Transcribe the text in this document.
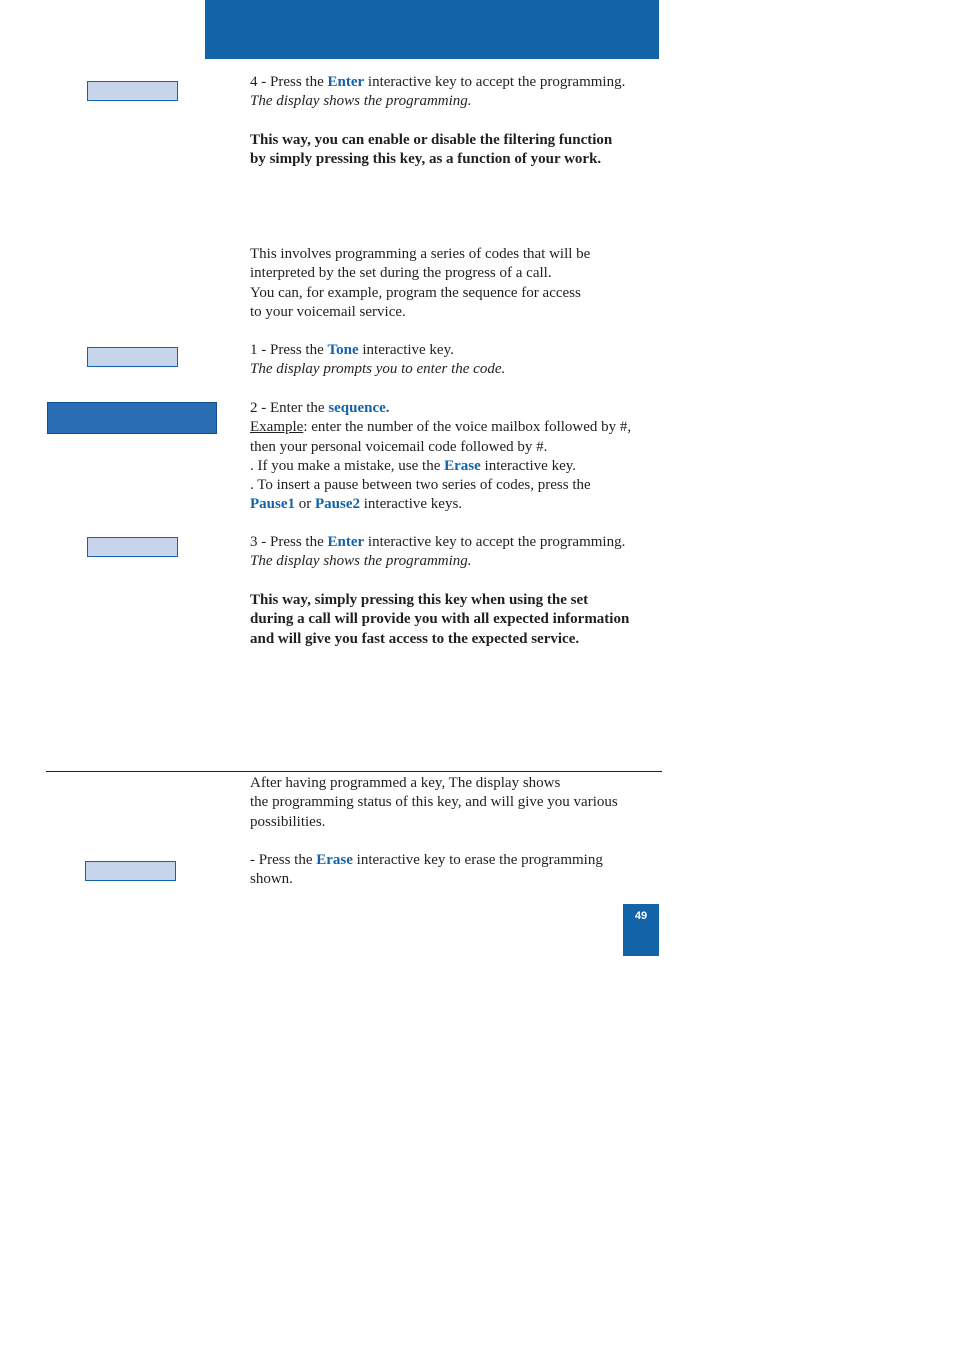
4 - Press the Enter interactive key to accept the programming.

The display shows the programming.

This way, you can enable or disable the filtering function

by simply pressing this key, as a function of your work.

This involves programming a series of codes that will be

interpreted by the set during the progress of a call.

You can, for example, program the sequence for access

to your voicemail service.

1 - Press the Tone interactive key.

The display prompts you to enter the code.

2 - Enter the sequence.

Example: enter the number of the voice mailbox followed by #,

then your personal voicemail code followed by #.

. If you make a mistake, use the Erase interactive key.

. To insert a pause between two series of codes, press the

Pause1 or Pause2 interactive keys.

3 - Press the Enter interactive key to accept the programming.

The display shows the programming.

This way, simply pressing this key when using the set

during a call will provide you with all expected information

and will give you fast access to the expected service.

After having programmed a key, The display shows

the programming status of this key, and will give you various

possibilities.

- Press the Erase interactive key to erase the programming

shown.

49
